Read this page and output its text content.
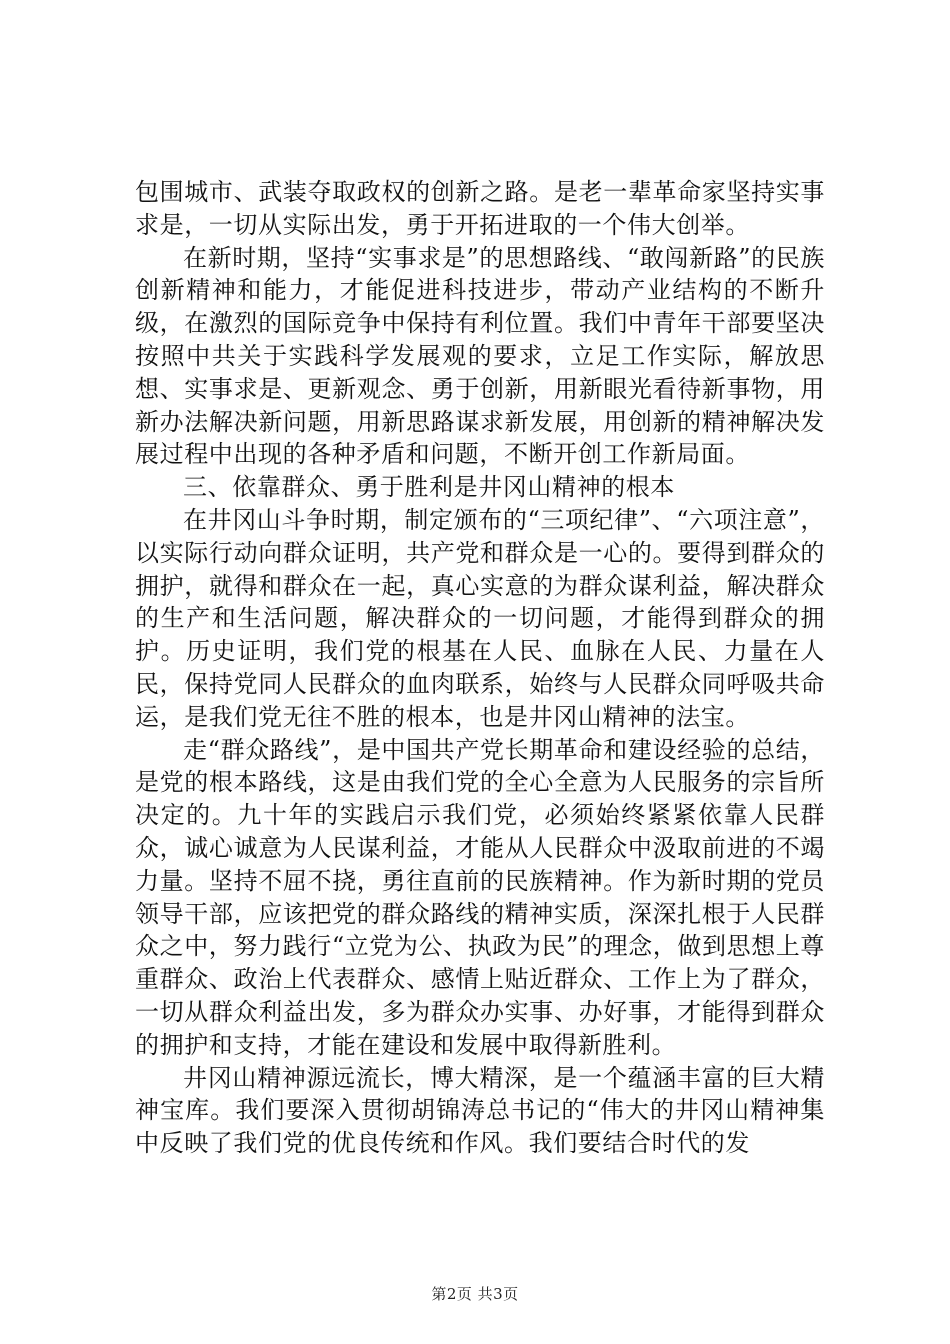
包围城市、武装夺取政权的创新之路。是老一辈革命家坚持实事求是，一切从实际出发，勇于开拓进取的一个伟大创举。

在新时期，坚持“实事求是”的思想路线、“敢闯新路”的民族创新精神和能力，才能促进科技进步，带动产业结构的不断升级，在激烈的国际竞争中保持有利位置。我们中青年干部要坚决按照中共关于实践科学发展观的要求，立足工作实际，解放思想、实事求是、更新观念、勇于创新，用新眼光看待新事物，用新办法解决新问题，用新思路谋求新发展，用创新的精神解决发展过程中出现的各种矛盾和问题，不断开创工作新局面。

三、依靠群众、勇于胜利是井冈山精神的根本

在井冈山斗争时期，制定颁布的“三项纪律”、“六项注意”，以实际行动向群众证明，共产党和群众是一心的。要得到群众的拥护，就得和群众在一起，真心实意的为群众谋利益，解决群众的生产和生活问题，解决群众的一切问题，才能得到群众的拥护。历史证明，我们党的根基在人民、血脉在人民、力量在人民，保持党同人民群众的血肉联系，始终与人民群众同呼吸共命运，是我们党无往不胜的根本，也是井冈山精神的法宝。

走“群众路线”，是中国共产党长期革命和建设经验的总结，是党的根本路线，这是由我们党的全心全意为人民服务的宗旨所决定的。九十年的实践启示我们党，必须始终紧紧依靠人民群众，诚心诚意为人民谋利益，才能从人民群众中汲取前进的不竭力量。坚持不屈不挠，勇往直前的民族精神。作为新时期的党员领导干部，应该把党的群众路线的精神实质，深深扎根于人民群众之中，努力践行“立党为公、执政为民”的理念，做到思想上尊重群众、政治上代表群众、感情上贴近群众、工作上为了群众，一切从群众利益出发，多为群众办实事、办好事，才能得到群众的拥护和支持，才能在建设和发展中取得新胜利。

井冈山精神源远流长，博大精深，是一个蕴涵丰富的巨大精神宝库。我们要深入贯彻胡锦涛总书记的“伟大的井冈山精神集中反映了我们党的优良传统和作风。我们要结合时代的发

第2页 共3页
